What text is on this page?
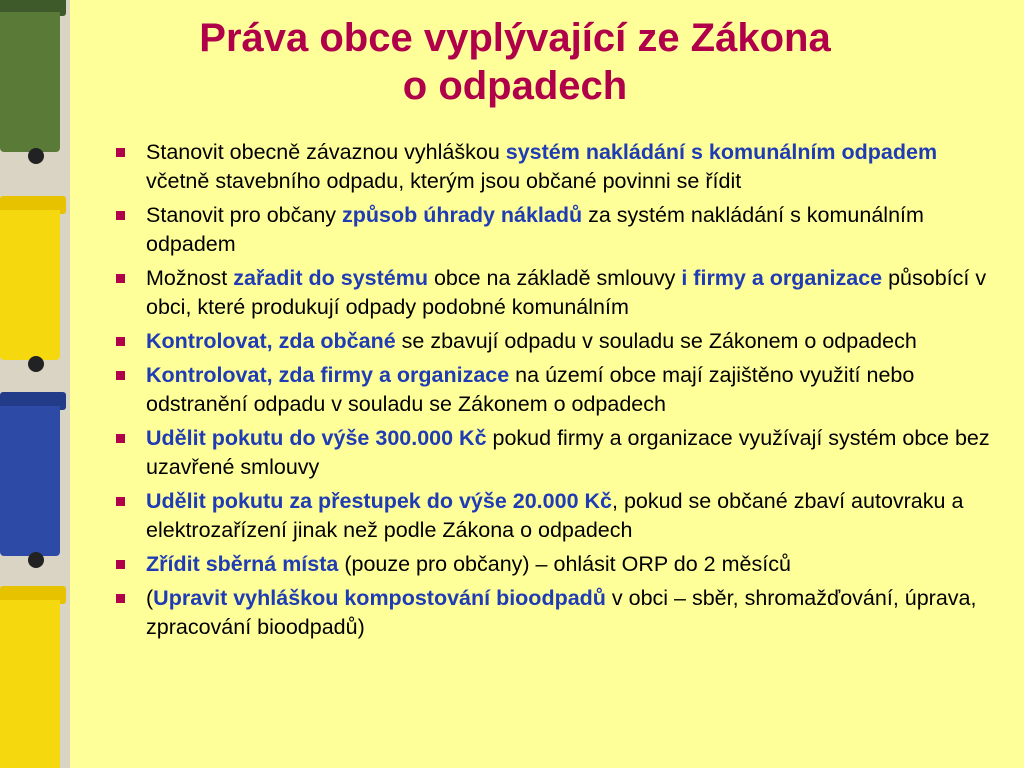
Práva obce vyplývající ze Zákona
o odpadech
Stanovit obecně závaznou vyhláškou systém nakládání s komunálním odpadem včetně stavebního odpadu, kterým jsou občané povinni se řídit
Stanovit pro občany způsob úhrady nákladů za systém nakládání s komunálním odpadem
Možnost zařadit do systému obce na základě smlouvy i firmy a organizace působící v obci, které produkují odpady podobné komunálním
Kontrolovat, zda občané se zbavují odpadu v souladu se Zákonem o odpadech
Kontrolovat, zda firmy a organizace na území obce mají zajištěno využití nebo odstranění odpadu v souladu se Zákonem o odpadech
Udělit pokutu do výše 300.000 Kč pokud firmy a organizace využívají systém obce bez uzavřené smlouvy
Udělit pokutu za přestupek do výše 20.000 Kč, pokud se občané zbaví autovraku a elektrozařízení jinak než podle Zákona o odpadech
Zřídit sběrná místa (pouze pro občany) – ohlásit ORP do 2 měsíců
(Upravit vyhláškou kompostování bioodpadů v obci – sběr, shromažďování, úprava, zpracování bioodpadů)
